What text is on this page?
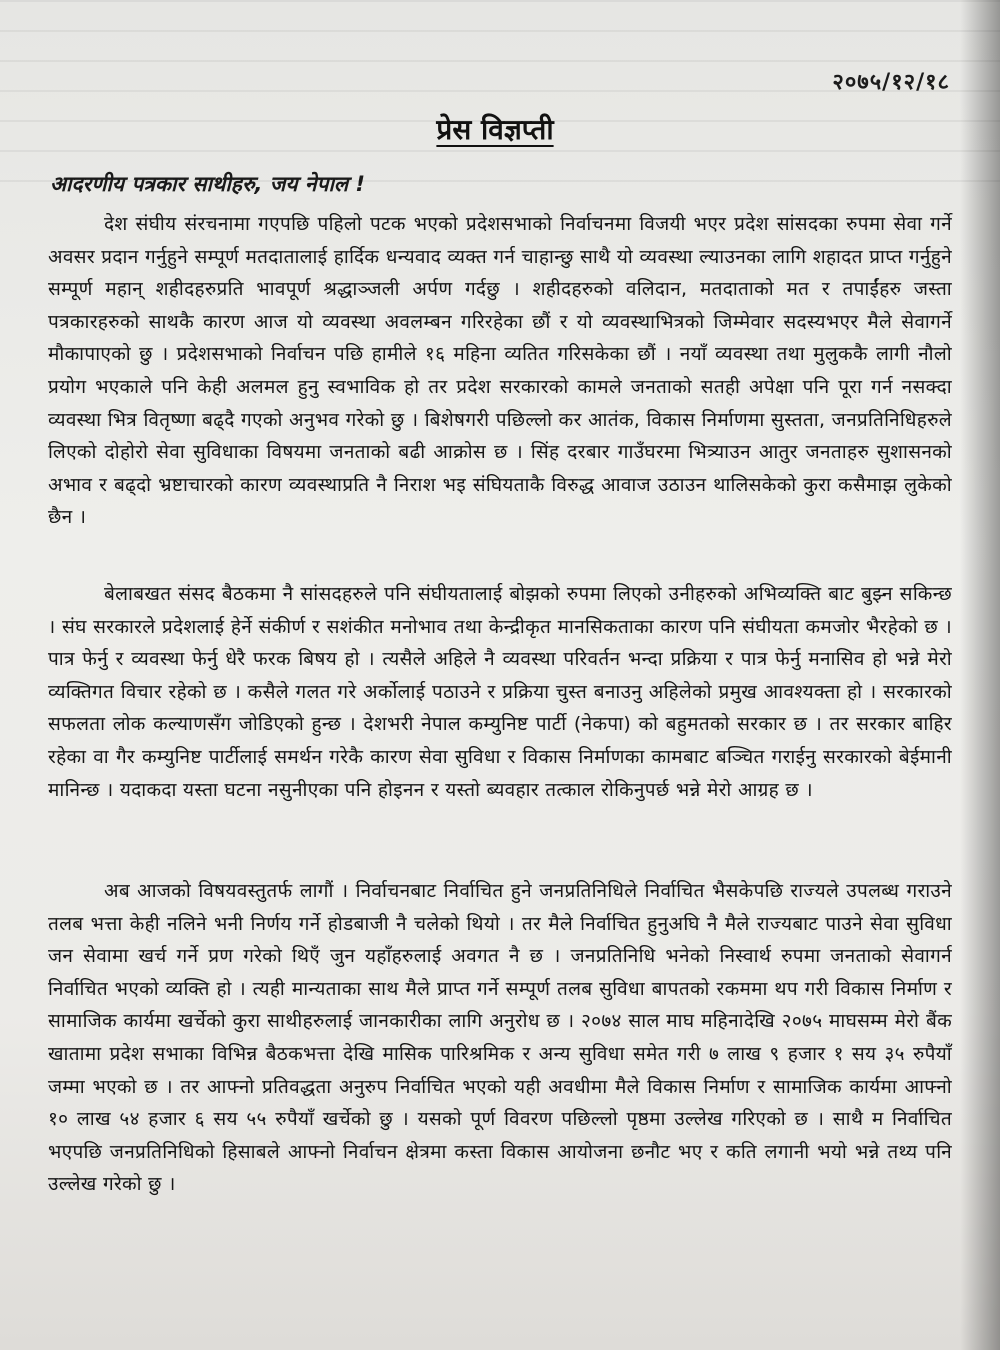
२०७५/१२/१८
प्रेस विज्ञप्ती
आदरणीय पत्रकार साथीहरु, जय नेपाल !

देश संघीय संरचनामा गएपछि पहिलो पटक भएको प्रदेशसभाको निर्वाचनमा विजयी भएर प्रदेश सांसदका रुपमा सेवा गर्ने अवसर प्रदान गर्नुहुने सम्पूर्ण मतदातालाई हार्दिक धन्यवाद व्यक्त गर्न चाहान्छु साथै यो व्यवस्था ल्याउनका लागि शहादत प्राप्त गर्नुहुने सम्पूर्ण महान् शहीदहरुप्रति भावपूर्ण श्रद्धाञ्जली अर्पण गर्दछु । शहीदहरुको वलिदान, मतदाताको मत र तपाईंहरु जस्ता पत्रकारहरुको साथकै कारण आज यो व्यवस्था अवलम्बन गरिरहेका छौं र यो व्यवस्थाभित्रको जिम्मेवार सदस्यभएर मैले सेवागर्ने मौकापाएको छु । प्रदेशसभाको निर्वाचन पछि हामीले १६ महिना व्यतित गरिसकेका छौं । नयाँ व्यवस्था तथा मुलुककै लागी नौलो प्रयोग भएकाले पनि केही अलमल हुनु स्वभाविक हो तर प्रदेश सरकारको कामले जनताको सतही अपेक्षा पनि पूरा गर्न नसक्दा व्यवस्था भित्र वितृष्णा बढ्दै गएको अनुभव गरेको छु । बिशेषगरी पछिल्लो कर आतंक, विकास निर्माणमा सुस्तता, जनप्रतिनिधिहरुले लिएको दोहोरो सेवा सुविधाका विषयमा जनताको बढी आक्रोस छ । सिंह दरबार गाउँघरमा भित्र्याउन आतुर जनताहरु सुशासनको अभाव र बढ्दो भ्रष्टाचारको कारण व्यवस्थाप्रति नै निराश भइ संघियताकै विरुद्ध आवाज उठाउन थालिसकेको कुरा कसैमाझ लुकेको छैन ।

बेलाबखत संसद बैठकमा नै सांसदहरुले पनि संघीयतालाई बोझको रुपमा लिएको उनीहरुको अभिव्यक्ति बाट बुझ्न सकिन्छ । संघ सरकारले प्रदेशलाई हेर्ने संकीर्ण र सशंकीत मनोभाव तथा केन्द्रीकृत मानसिकताका कारण पनि संघीयता कमजोर भैरहेको छ । पात्र फेर्नु र व्यवस्था फेर्नु धेरै फरक बिषय हो । त्यसैले अहिले नै व्यवस्था परिवर्तन भन्दा प्रक्रिया र पात्र फेर्नु मनासिव हो भन्ने मेरो व्यक्तिगत विचार रहेको छ । कसैले गलत गरे अर्कोलाई पठाउने र प्रक्रिया चुस्त बनाउनु अहिलेको प्रमुख आवश्यक्ता हो । सरकारको सफलता लोक कल्याणसँग जोडिएको हुन्छ । देशभरी नेपाल कम्युनिष्ट पार्टी (नेकपा) को बहुमतको सरकार छ । तर सरकार बाहिर रहेका वा गैर कम्युनिष्ट पार्टीलाई समर्थन गरेकै कारण सेवा सुविधा र विकास निर्माणका कामबाट बञ्चित गराईनु सरकारको बेईमानी मानिन्छ । यदाकदा यस्ता घटना नसुनीएका पनि होइनन र यस्तो ब्यवहार तत्काल रोकिनुपर्छ भन्ने मेरो आग्रह छ ।

अब आजको विषयवस्तुतर्फ लागौं । निर्वाचनबाट निर्वाचित हुने जनप्रतिनिधिले निर्वाचित भैसकेपछि राज्यले उपलब्ध गराउने तलब भत्ता केही नलिने भनी निर्णय गर्ने होडबाजी नै चलेको थियो । तर मैले निर्वाचित हुनुअघि नै मैले राज्यबाट पाउने सेवा सुविधा जन सेवामा खर्च गर्ने प्रण गरेको थिएँ जुन यहाँहरुलाई अवगत नै छ । जनप्रतिनिधि भनेको निस्वार्थ रुपमा जनताको सेवागर्न निर्वाचित भएको व्यक्ति हो । त्यही मान्यताका साथ मैले प्राप्त गर्ने सम्पूर्ण तलब सुविधा बापतको रकममा थप गरी विकास निर्माण र सामाजिक कार्यमा खर्चेको कुरा साथीहरुलाई जानकारीका लागि अनुरोध छ । २०७४ साल माघ महिनादेखि २०७५ माघसम्म मेरो बैंक खातामा प्रदेश सभाका विभिन्न बैठकभत्ता देखि मासिक पारिश्रमिक र अन्य सुविधा समेत गरी ७ लाख ९ हजार १ सय ३५ रुपैयाँ जम्मा भएको छ । तर आफ्नो प्रतिवद्धता अनुरुप निर्वाचित भएको यही अवधीमा मैले विकास निर्माण र सामाजिक कार्यमा आफ्नो १० लाख ५४ हजार ६ सय ५५ रुपैयाँ खर्चेको छु । यसको पूर्ण विवरण पछिल्लो पृष्ठमा उल्लेख गरिएको छ । साथै म निर्वाचित भएपछि जनप्रतिनिधिको हिसाबले आफ्नो निर्वाचन क्षेत्रमा कस्ता विकास आयोजना छनौट भए र कति लगानी भयो भन्ने तथ्य पनि उल्लेख गरेको छु ।
